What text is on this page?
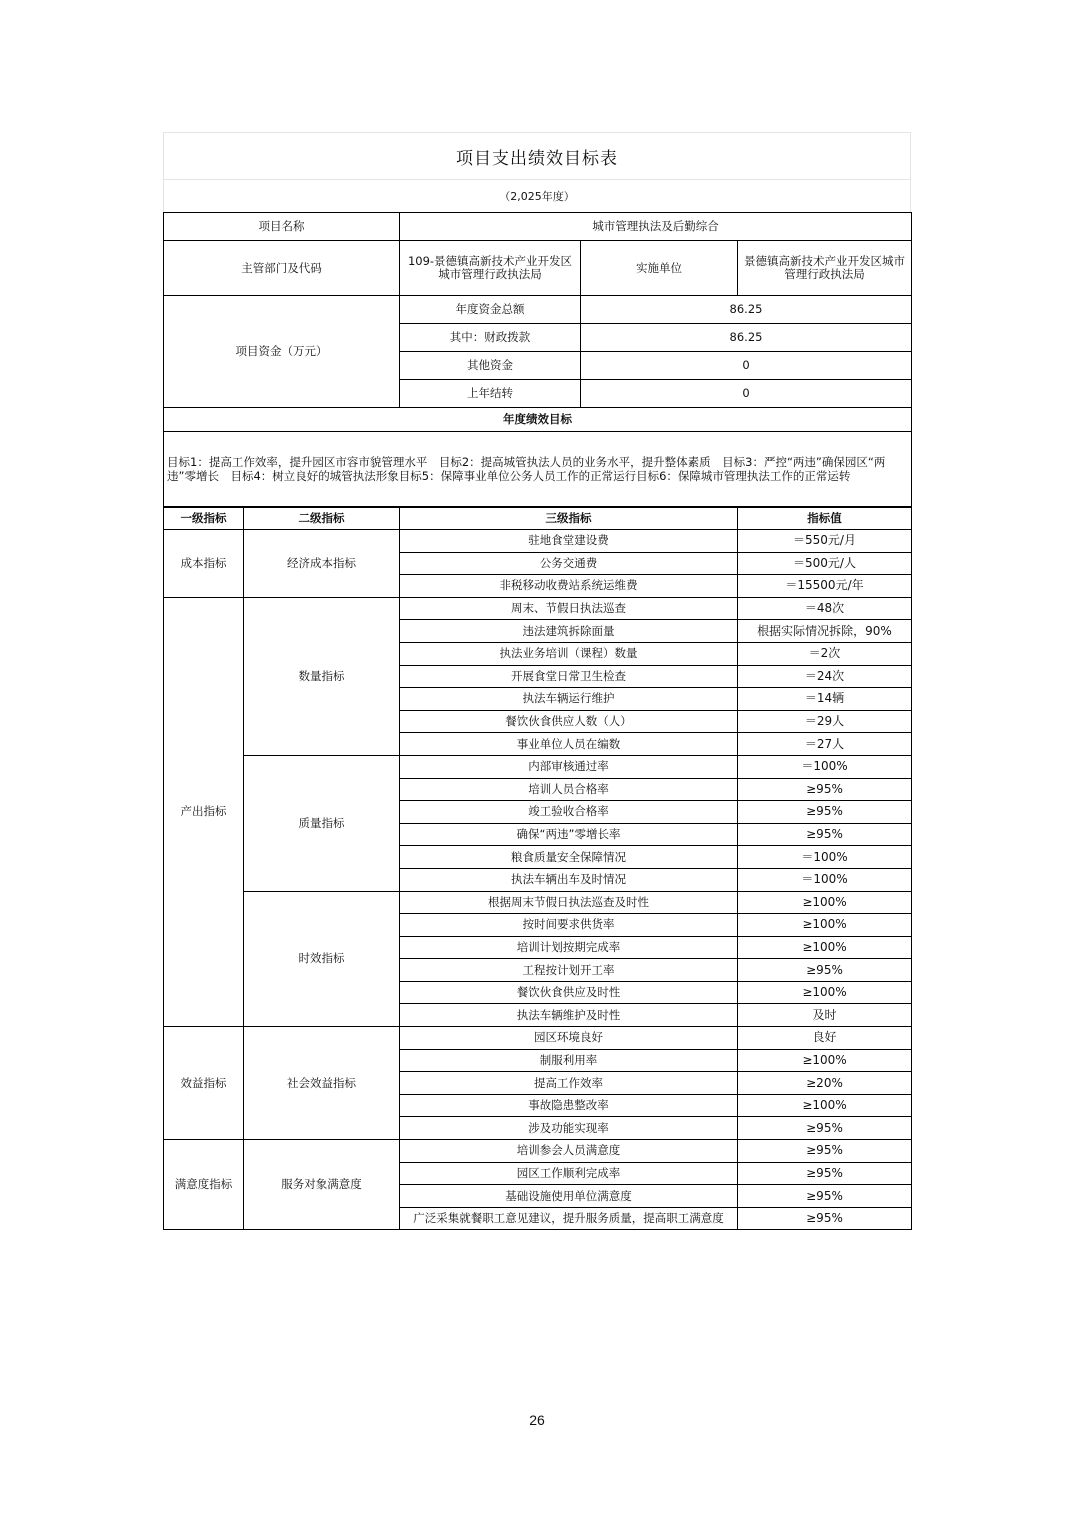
项目支出绩效目标表
（2,025年度）
项目名称	城市管理执法及后勤综合		
主管部门及代码	109-景德镇高新技术产业开发区城市管理行政执法局	实施单位	景德镇高新技术产业开发区城市管理行政执法局
项目资金（万元）	年度资金总额	86.25	
	其中：财政拨款	86.25	
	其他资金	0	
	上年结转	0	
年度绩效目标			
目标1：提高工作效率，提升园区市容市貌管理水平　目标2：提高城管执法人员的业务水平，提升整体素质　目标3：严控“两违”确保园区“两违”零增长　目标4：树立良好的城管执法形象目标5：保障事业单位公务人员工作的正常运行目标6：保障城市管理执法工作的正常运转			
一级指标	二级指标	三级指标	指标值
成本指标	经济成本指标	驻地食堂建设费	＝550元/月
		公务交通费	＝500元/人
		非税移动收费站系统运维费	＝15500元/年
产出指标	数量指标	周末、节假日执法巡查	＝48次
		违法建筑拆除面量	根据实际情况拆除，90%
		执法业务培训（课程）数量	＝2次
		开展食堂日常卫生检查	＝24次
		执法车辆运行维护	＝14辆
		餐饮伙食供应人数（人）	＝29人
		事业单位人员在编数	＝27人
	质量指标	内部审核通过率	＝100%
		培训人员合格率	≥95%
		竣工验收合格率	≥95%
		确保“两违”零增长率	≥95%
		粮食质量安全保障情况	＝100%
		执法车辆出车及时情况	＝100%
	时效指标	根据周末节假日执法巡查及时性	≥100%
		按时间要求供货率	≥100%
		培训计划按期完成率	≥100%
		工程按计划开工率	≥95%
		餐饮伙食供应及时性	≥100%
		执法车辆维护及时性	及时
效益指标	社会效益指标	园区环境良好	良好
		制服利用率	≥100%
		提高工作效率	≥20%
		事故隐患整改率	≥100%
		涉及功能实现率	≥95%
满意度指标	服务对象满意度	培训参会人员满意度	≥95%
		园区工作顺利完成率	≥95%
		基础设施使用单位满意度	≥95%
		广泛采集就餐职工意见建议，提升服务质量，提高职工满意度	≥95%
26
